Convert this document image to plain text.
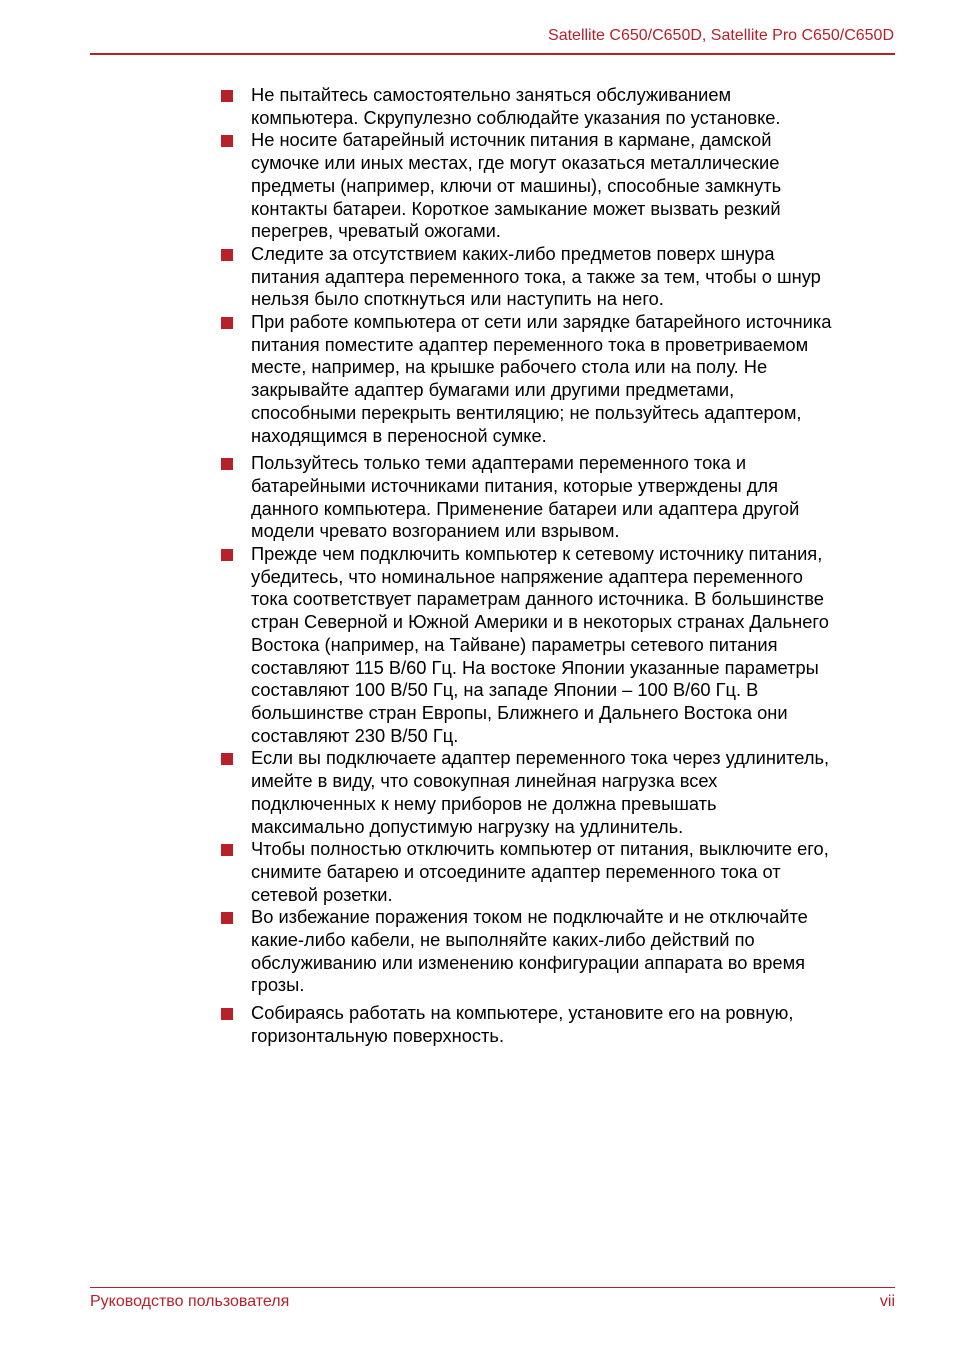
Satellite C650/C650D, Satellite Pro C650/C650D
Не пытайтесь самостоятельно заняться обслуживанием
компьютера. Скрупулезно соблюдайте указания по установке.
Не носите батарейный источник питания в кармане, дамской
сумочке или иных местах, где могут оказаться металлические
предметы (например, ключи от машины), способные замкнуть
контакты батареи. Короткое замыкание может вызвать резкий
перегрев, чреватый ожогами.
Следите за отсутствием каких-либо предметов поверх шнура
питания адаптера переменного тока, а также за тем, чтобы о шнур
нельзя было споткнуться или наступить на него.
При работе компьютера от сети или зарядке батарейного источника
питания поместите адаптер переменного тока в проветриваемом
месте, например, на крышке рабочего стола или на полу. Не
закрывайте адаптер бумагами или другими предметами,
способными перекрыть вентиляцию; не пользуйтесь адаптером,
находящимся в переносной сумке.
Пользуйтесь только теми адаптерами переменного тока и
батарейными источниками питания, которые утверждены для
данного компьютера. Применение батареи или адаптера другой
модели чревато возгоранием или взрывом.
Прежде чем подключить компьютер к сетевому источнику питания,
убедитесь, что номинальное напряжение адаптера переменного
тока соответствует параметрам данного источника. В большинстве
стран Северной и Южной Америки и в некоторых странах Дальнего
Востока (например, на Тайване) параметры сетевого питания
составляют 115 В/60 Гц. На востоке Японии указанные параметры
составляют 100 В/50 Гц, на западе Японии – 100 В/60 Гц. В
большинстве стран Европы, Ближнего и Дальнего Востока они
составляют 230 В/50 Гц.
Если вы подключаете адаптер переменного тока через удлинитель,
имейте в виду, что совокупная линейная нагрузка всех
подключенных к нему приборов не должна превышать
максимально допустимую нагрузку на удлинитель.
Чтобы полностью отключить компьютер от питания, выключите его,
снимите батарею и отсоедините адаптер переменного тока от
сетевой розетки.
Во избежание поражения током не подключайте и не отключайте
какие-либо кабели, не выполняйте каких-либо действий по
обслуживанию или изменению конфигурации аппарата во время
грозы.
Собираясь работать на компьютере, установите его на ровную,
горизонтальную поверхность.
Руководство пользователя	vii
